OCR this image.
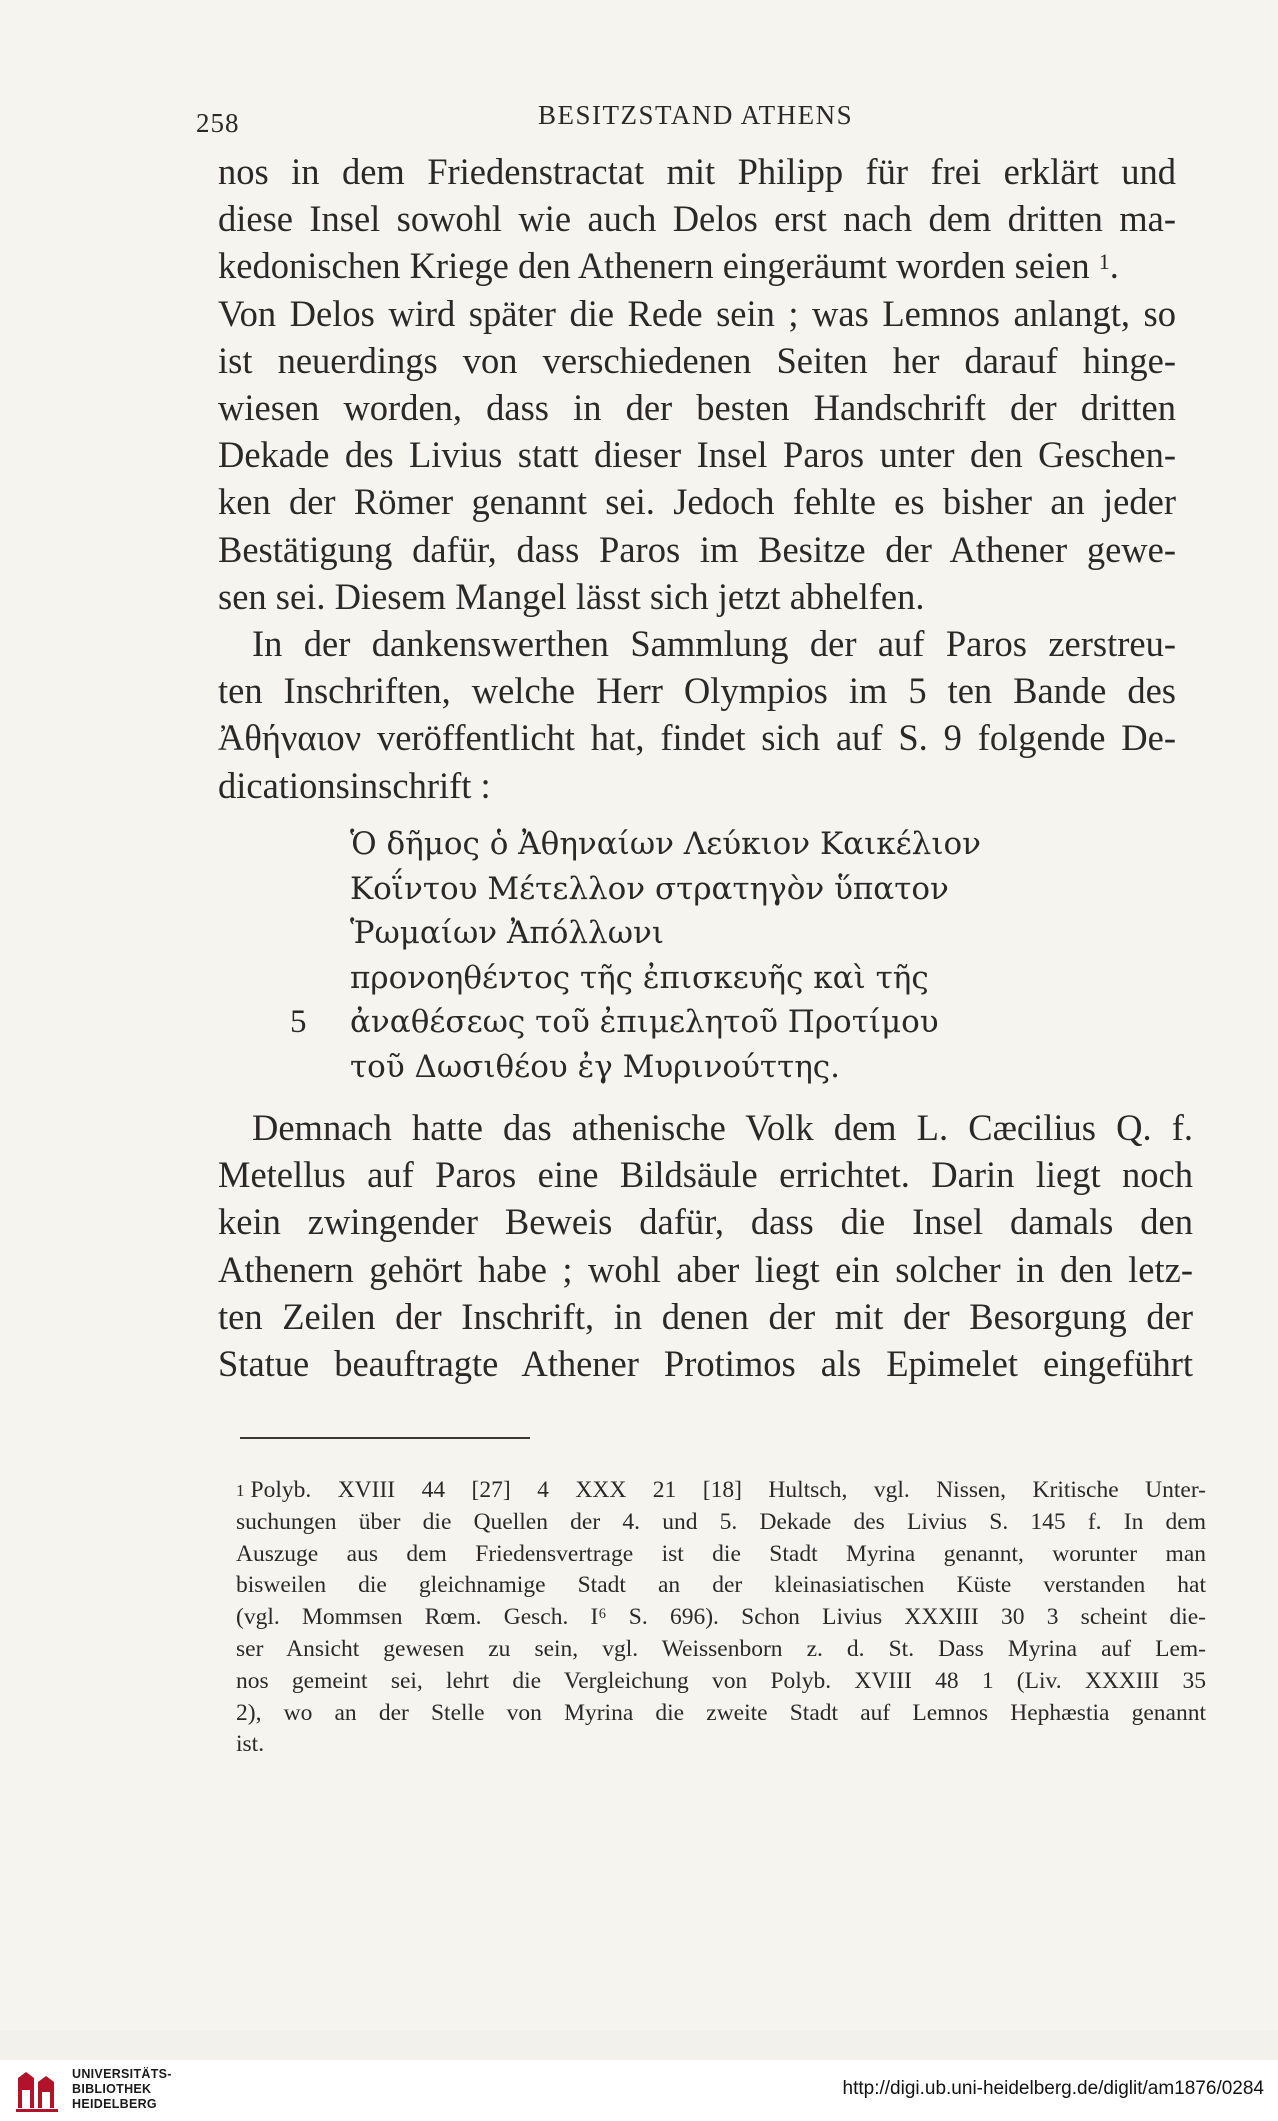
258	BESITZSTAND ATHENS
nos in dem Friedenstractat mit Philipp für frei erklärt und
diese Insel sowohl wie auch Delos erst nach dem dritten ma-
kedonischen Kriege den Athenern eingeräumt worden seien $^1$.
Von Delos wird später die Rede sein ; was Lemnos anlangt, so
ist neuerdings von verschiedenen Seiten her darauf hinge-
wiesen worden, dass in der besten Handschrift der dritten
Dekade des Livius statt dieser Insel Paros unter den Geschen-
ken der Römer genannt sei. Jedoch fehlte es bisher an jeder
Bestätigung dafür, dass Paros im Besitze der Athener gewe-
sen sei. Diesem Mangel lässt sich jetzt abhelfen.
In der dankenswerthen Sammlung der auf Paros zerstreu-
ten Inschriften, welche Herr Olympios im 5 ten Bande des
Ἀθήναιον veröffentlicht hat, findet sich auf S. 9 folgende De-
dicationsinschrift :
Ὁ δῆμος ὁ Ἀθηναίων Λεύκιον Καικέλιον
Κοΐντου Μέτελλον στρατηγὸν ὕπατον
Ῥωμαίων Ἀπόλλωνι
προνοηθέντος τῆς ἐπισκευῆς καὶ τῆς
5 ἀναθέσεως τοῦ ἐπιμελητοῦ Προτίμου
τοῦ Δωσιθέου ἐγ Μυρινούττης.
Demnach hatte das athenische Volk dem L. Cæcilius Q. f.
Metellus auf Paros eine Bildsäule errichtet. Darin liegt noch
kein zwingender Beweis dafür, dass die Insel damals den
Athenern gehört habe ; wohl aber liegt ein solcher in den letz-
ten Zeilen der Inschrift, in denen der mit der Besorgung der
Statue beauftragte Athener Protimos als Epimelet eingeführt
$^1$ Polyb. XVIII 44 [27] 4 XXX 21 [18] Hultsch, vgl. Nissen, Kritische Unter-
suchungen über die Quellen der 4. und 5. Dekade des Livius S. 145 f. In dem
Auszuge aus dem Friedensvertrage ist die Stadt Myrina genannt, worunter man
bisweilen die gleichnamige Stadt an der kleinasiatischen Küste verstanden hat
(vgl. Mommsen Rœm. Gesch. I⁶ S. 696). Schon Livius XXXIII 30 3 scheint die-
ser Ansicht gewesen zu sein, vgl. Weissenborn z. d. St. Dass Myrina auf Lem-
nos gemeint sei, lehrt die Vergleichung von Polyb. XVIII 48 1 (Liv. XXXIII 35
2), wo an der Stelle von Myrina die zweite Stadt auf Lemnos Hephæstia genannt
ist.
UNIVERSITÄTS-
BIBLIOTHEK
HEIDELBERG
http://digi.ub.uni-heidelberg.de/diglit/am1876/0284
